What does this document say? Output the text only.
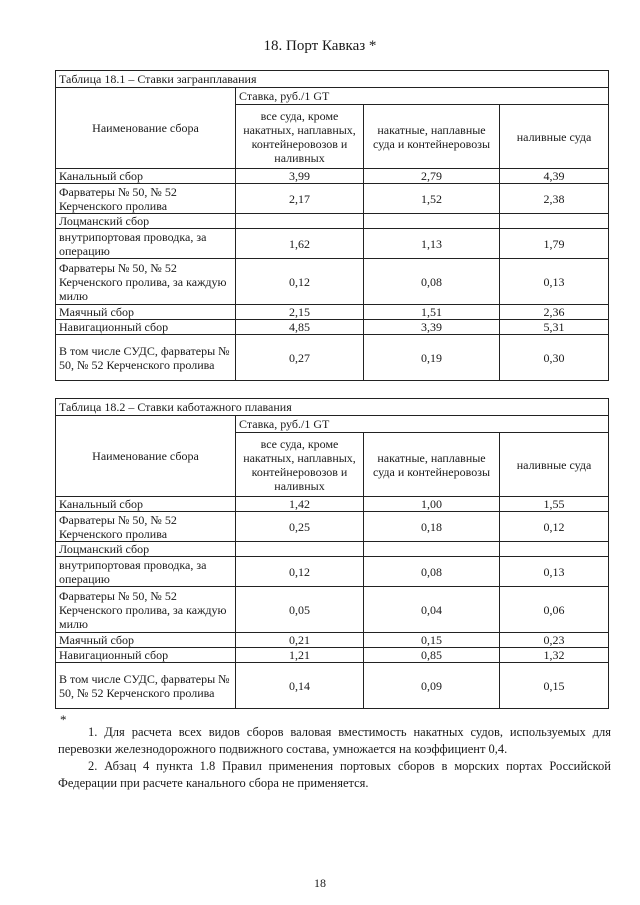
18. Порт Кавказ *
Таблица 18.1 – Ставки загранплавания			
Наименование сбора	Ставка, руб./1 GT		
	все суда, кроме накатных, наплавных, контейнеровозов и наливных	накатные, наплавные суда и контейнеровозы	наливные суда
Канальный сбор	3,99	2,79	4,39
Фарватеры № 50, № 52 Керченского пролива	2,17	1,52	2,38
Лоцманский сбор			
внутрипортовая проводка, за операцию	1,62	1,13	1,79
Фарватеры № 50, № 52 Керченского пролива, за каждую милю	0,12	0,08	0,13
Маячный сбор	2,15	1,51	2,36
Навигационный сбор	4,85	3,39	5,31
В том числе СУДС, фарватеры № 50, № 52 Керченского пролива	0,27	0,19	0,30
Таблица 18.2 – Ставки каботажного плавания			
Наименование сбора	Ставка, руб./1 GT		
	все суда, кроме накатных, наплавных, контейнеровозов и наливных	накатные, наплавные суда и контейнеровозы	наливные суда
Канальный сбор	1,42	1,00	1,55
Фарватеры № 50, № 52 Керченского пролива	0,25	0,18	0,12
Лоцманский сбор			
внутрипортовая проводка, за операцию	0,12	0,08	0,13
Фарватеры № 50, № 52 Керченского пролива, за каждую милю	0,05	0,04	0,06
Маячный сбор	0,21	0,15	0,23
Навигационный сбор	1,21	0,85	1,32
В том числе СУДС, фарватеры № 50, № 52 Керченского пролива	0,14	0,09	0,15
*

1. Для расчета всех видов сборов валовая вместимость накатных судов, используемых для перевозки железнодорожного подвижного состава, умножается на коэффициент 0,4.

2. Абзац 4 пункта 1.8 Правил применения портовых сборов в морских портах Российской Федерации при расчете канального сбора не применяется.

18
